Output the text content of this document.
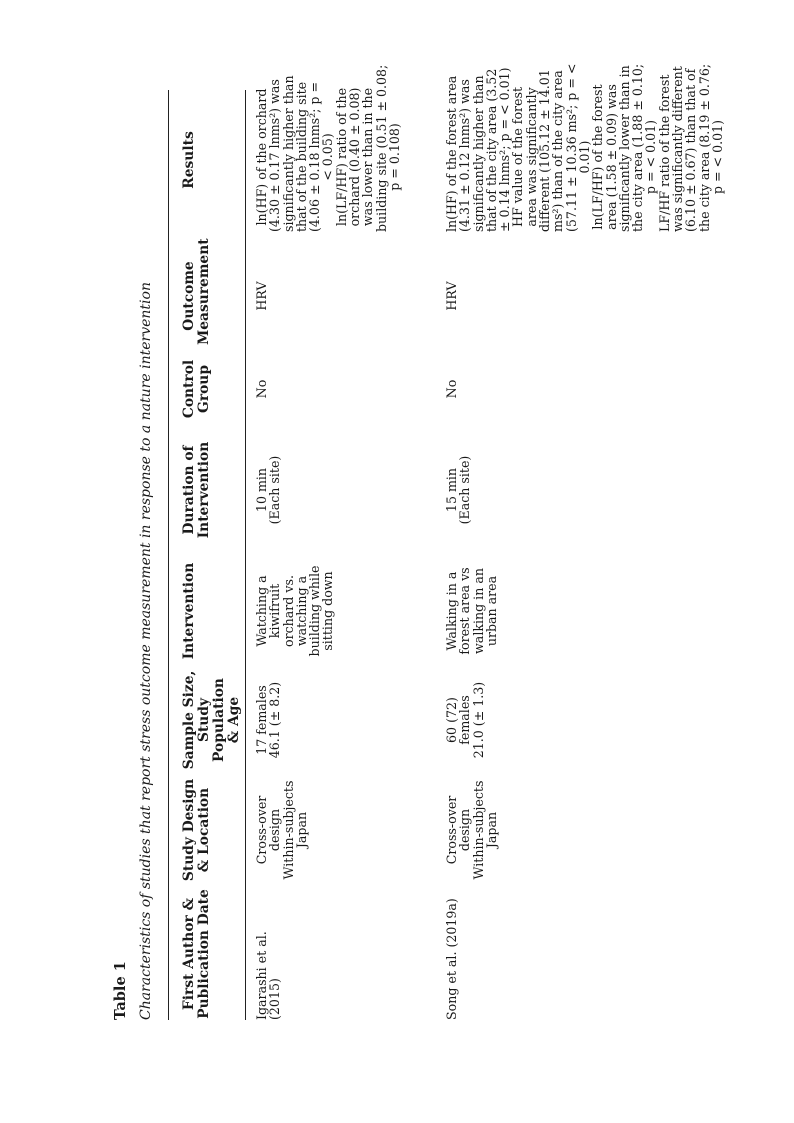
Table 1 Characteristics of studies that report stress outcome measurement in response to a nature intervention First Author & Publication Date
Study Design & Location
Sample Size, Study Population & Age
Intervention
Duration of Intervention
Control Group
Outcome Measurement
Results
Igarashi et al.
(2015)
Cross-over
design
Within-subjects
Japan
17 females
46.1 (± 8.2)
Watching a
kiwifruit
orchard vs.
watching a
building while
sitting down
10 min
(Each site)
No
HRV
ln(HF) of the orchard
(4.30 ± 0.17 lnms²) was
significantly higher than
that of the building site
(4.06 ± 0.18 lnms²; p =
< 0.05)
ln(LF/HF) ratio of the
orchard (0.40 ± 0.08)
was lower than in the
building site (0.51 ± 0.08;
p = 0.108)
Song et al. (2019a)
Cross-over
design
Within-subjects
Japan
60 (72)
females
21.0 (± 1.3)
Walking in a
forest area vs
walking in an
urban area
15 min
(Each site)
No
HRV
ln(HF) of the forest area
(4.31 ± 0.12 lnms²) was
significantly higher than
that of the city area (3.52
± 0.14 lnms²; p = < 0.01)
HF value of the forest
area was significantly
different (105.12 ± 14.01
ms²) than of the city area
(57.11 ± 10.36 ms²; p = <
0.01)
ln(LF/HF) of the forest
area (1.58 ± 0.09) was
significantly lower than in
the city area (1.88 ± 0.10;
p = < 0.01)
LF/HF ratio of the forest
was significantly different
(6.10 ± 0.67) than that of
the city area (8.19 ± 0.76;
p = < 0.01)
